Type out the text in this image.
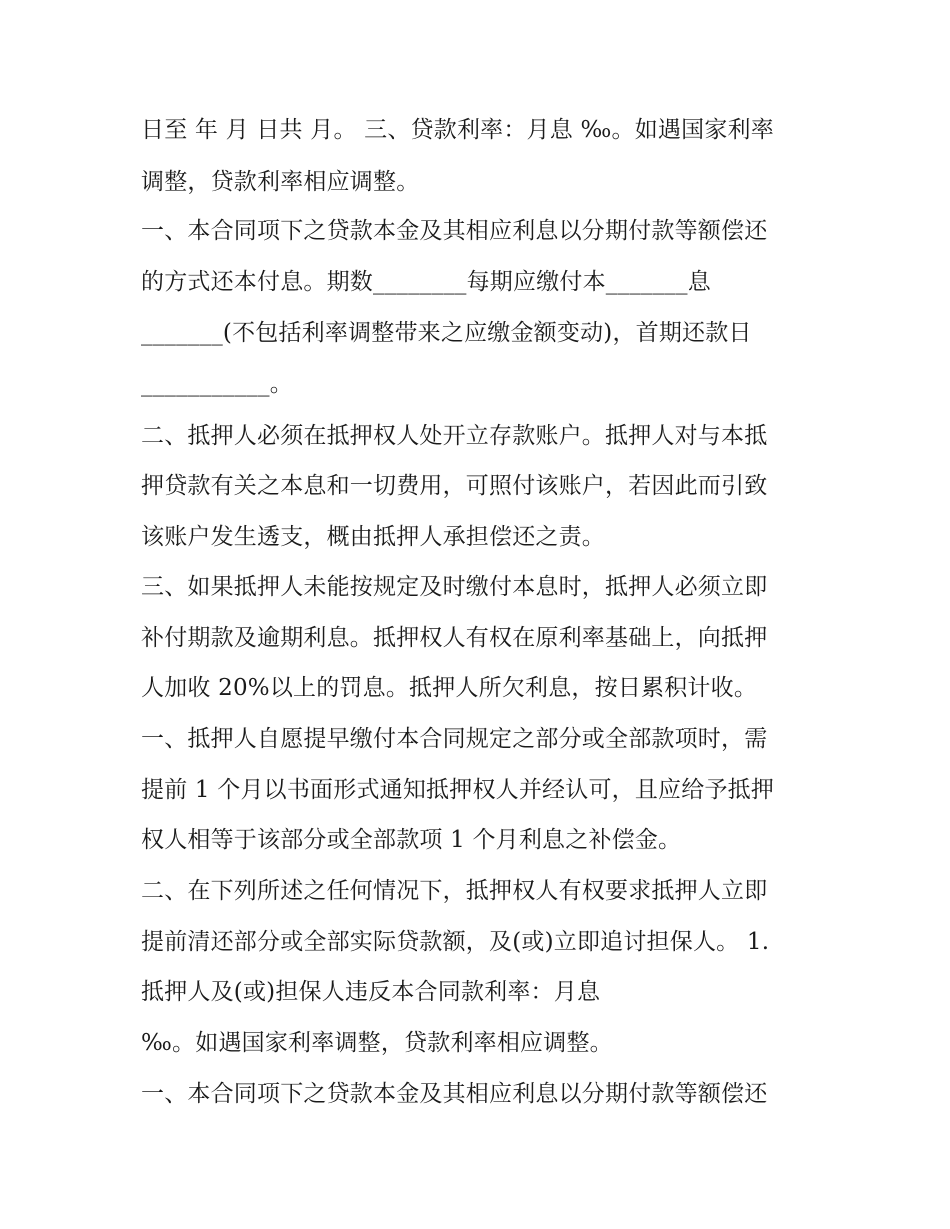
日至 年 月 日共 月。 三、贷款利率：月息 ‰。如遇国家利率
调整，贷款利率相应调整。
一、本合同项下之贷款本金及其相应利息以分期付款等额偿还
的方式还本付息。期数________每期应缴付本_______息
_______(不包括利率调整带来之应缴金额变动)，首期还款日
___________。
二、抵押人必须在抵押权人处开立存款账户。抵押人对与本抵
押贷款有关之本息和一切费用，可照付该账户，若因此而引致
该账户发生透支，概由抵押人承担偿还之责。
三、如果抵押人未能按规定及时缴付本息时，抵押人必须立即
补付期款及逾期利息。抵押权人有权在原利率基础上，向抵押
人加收 20%以上的罚息。抵押人所欠利息，按日累积计收。
一、抵押人自愿提早缴付本合同规定之部分或全部款项时，需
提前 1 个月以书面形式通知抵押权人并经认可，且应给予抵押
权人相等于该部分或全部款项 1 个月利息之补偿金。
二、在下列所述之任何情况下，抵押权人有权要求抵押人立即
提前清还部分或全部实际贷款额，及(或)立即追讨担保人。 1.
抵押人及(或)担保人违反本合同款利率：月息
‰。如遇国家利率调整，贷款利率相应调整。
一、本合同项下之贷款本金及其相应利息以分期付款等额偿还
